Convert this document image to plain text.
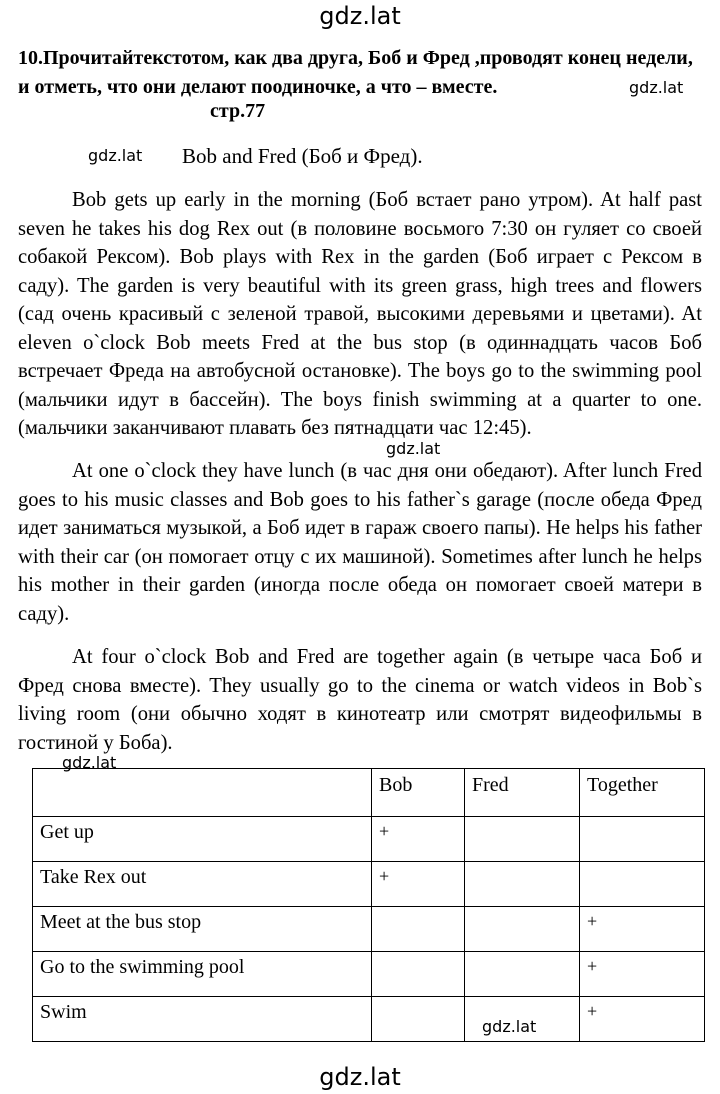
gdz.lat
10.Прочитайтекстотом, как два друга, Боб и Фред ,проводят конец недели, и отметь, что они делают поодиночке, а что – вместе.	gdz.lat
стр.77
gdz.lat Bob and Fred (Боб и Фред).

Bob gets up early in the morning (Боб встает рано утром). At half past seven he takes his dog Rex out (в половине восьмого 7:30 он гуляет со своей собакой Рексом). Bob plays with Rex in the garden (Боб играет с Рексом в саду). The garden is very beautiful with its green grass, high trees and flowers (сад очень красивый с зеленой травой, высокими деревьями и цветами). At eleven o`clock Bob meets Fred at the bus stop (в одиннадцать часов Боб встречает Фреда на автобусной остановке). The boys go to the swimming pool (мальчики идут в бассейн). The boys finish swimming at a quarter to one.(мальчики заканчивают плавать без пятнадцати час 12:45).

gdz.lat

At one o`clock they have lunch (в час дня они обедают). After lunch Fred goes to his music classes and Bob goes to his father`s garage (после обеда Фред идет заниматься музыкой, а Боб идет в гараж своего папы). He helps his father with their car (он помогает отцу с их машиной). Sometimes after lunch he helps his mother in their garden (иногда после обеда он помогает своей матери в саду).

At four o`clock Bob and Fred are together again (в четыре часа Боб и Фред снова вместе). They usually go to the cinema or watch videos in Bob`s living room (они обычно ходят в кинотеатр или смотрят видеофильмы в гостиной у Боба).

gdz.lat
	Bob	Fred	Together
Get up	+		
Take Rex out	+		
Meet at the bus stop			+
Go to the swimming pool			+
Swim			+
gdz.lat
gdz.lat
